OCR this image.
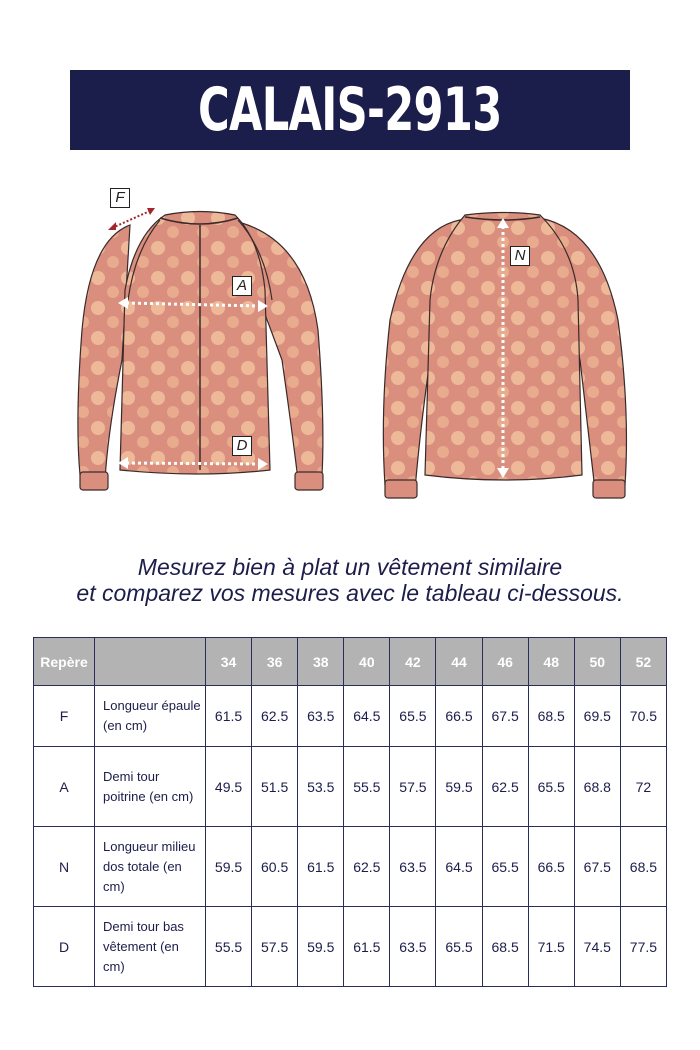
CALAIS-2913
F
A
D
N
Mesurez bien à plat un vêtement similaire
et comparez vos mesures avec le tableau ci-dessous.
Repère		34	36	38	40	42	44	46	48	50	52
F	Longueur épaule (en cm)	61.5	62.5	63.5	64.5	65.5	66.5	67.5	68.5	69.5	70.5
A	Demi tour poitrine (en cm)	49.5	51.5	53.5	55.5	57.5	59.5	62.5	65.5	68.8	72
N	Longueur milieu dos totale (en cm)	59.5	60.5	61.5	62.5	63.5	64.5	65.5	66.5	67.5	68.5
D	Demi tour bas vêtement (en cm)	55.5	57.5	59.5	61.5	63.5	65.5	68.5	71.5	74.5	77.5
